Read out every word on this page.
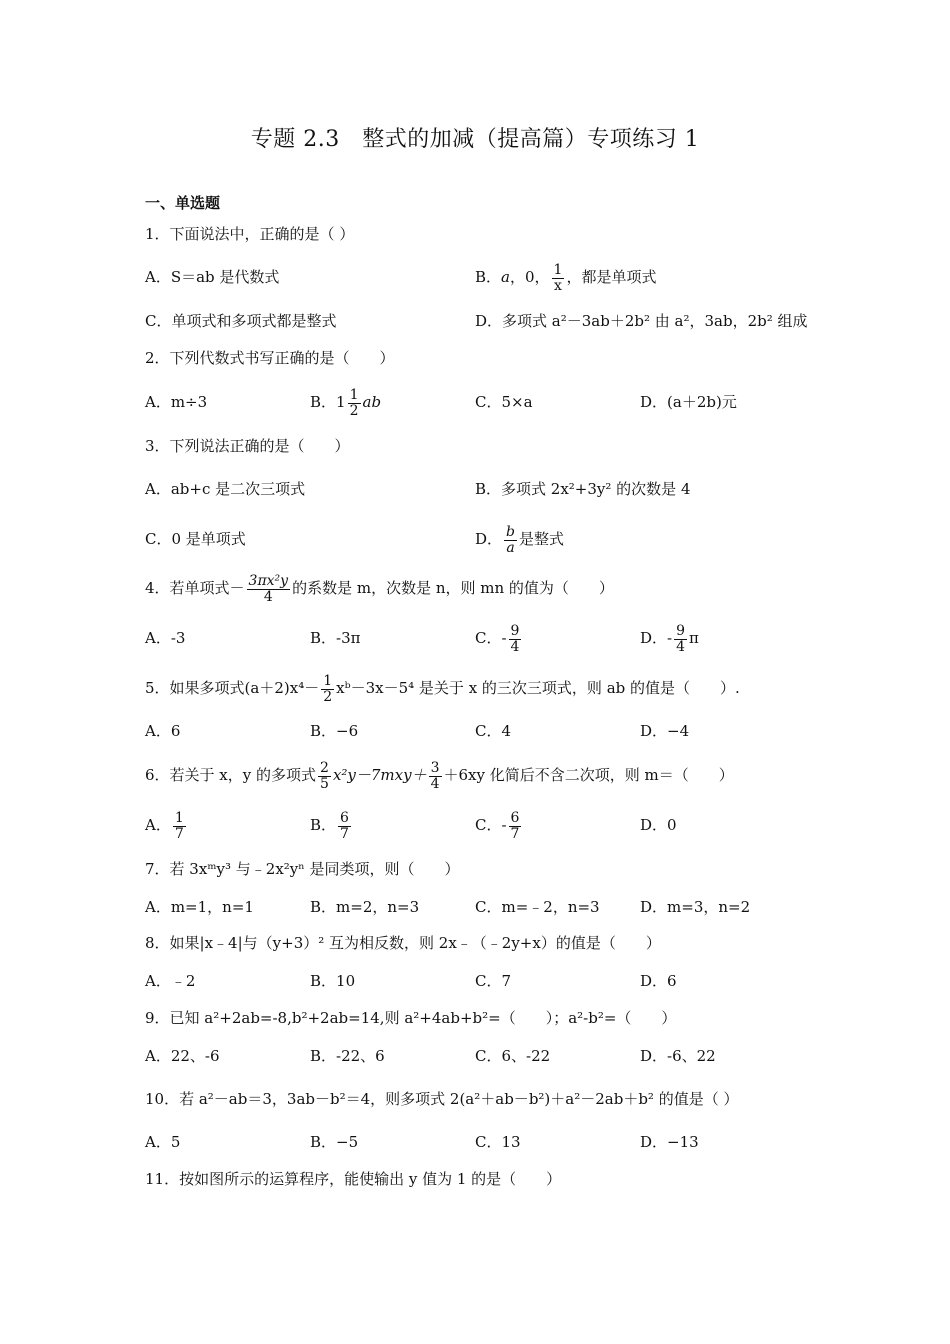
专题 2.3　整式的加减（提高篇）专项练习 1
一、单选题
1．下面说法中，正确的是（ ）
A．S＝ab 是代数式	B．a，0， $\frac{1}{x}$ ，都是单项式
C．单项式和多项式都是整式	D．多项式 a²－3ab＋2b² 由 a²，3ab，2b² 组成
2．下列代数式书写正确的是（　　）
A．m÷3	B．$1 \frac{1}{2}$ ab	C．5×a	D．(a＋2b)元
3．下列说法正确的是（　　）
A．ab+c 是二次三项式	B．多项式 2x²+3y² 的次数是 4
C．0 是单项式	D． $\frac{b}{a}$ 是整式
4．若单项式－ $\frac{\text{3πx²y}}{4}$ 的系数是 m，次数是 n，则 mn 的值为（　　）
A．-3	B．-3π	C．- $\frac{9}{4}$	D．- $\frac{9}{4}$ π
5．如果多项式$(a+2)x^4- \frac{1}{2}$ xᵇ－3x－5⁴ 是关于 x 的三次三项式，则 ab 的值是（　　）.
A．6	B．−6	C．4	D．−4
6．若关于 x，y 的多项式 $\frac{2}{5} x^2y-7mxy+ \frac{3}{4} +6xy$ 化简后不含二次项，则 m＝（　　）
A． $\frac{1}{7}$	B． $\frac{6}{7}$	C．- $\frac{6}{7}$	D．0
7．若 3xᵐy³ 与﹣2x²yⁿ 是同类项，则（　　）
A．m=1，n=1	B．m=2，n=3	C．m=﹣2，n=3	D．m=3，n=2
8．如果|x﹣4|与（y+3）² 互为相反数，则 2x﹣（﹣2y+x）的值是（　　）
A．﹣2	B．10	C．7	D．6
9．已知 a²+2ab=-8,b²+2ab=14,则 a²+4ab+b²=（　　）；a²-b²=（　　）
A．22、-6	B．-22、6	C．6、-22	D．-6、22
10．若 a²－ab＝3，3ab－b²＝4，则多项式 2(a²＋ab－b²)＋a²－2ab＋b² 的值是（ ）
A．5	B．−5	C．13	D．−13
11．按如图所示的运算程序，能使输出 y 值为 1 的是（　　）
